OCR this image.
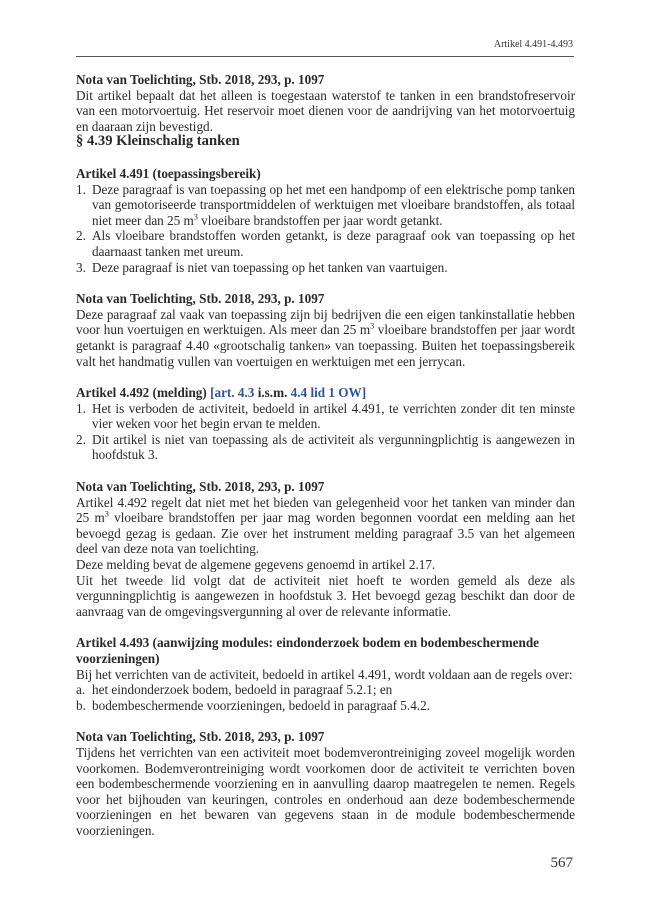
Artikel 4.491-4.493

Nota van Toelichting, Stb. 2018, 293, p. 1097

Dit artikel bepaalt dat het alleen is toegestaan waterstof te tanken in een brandstofreservoir van een motorvoertuig. Het reservoir moet dienen voor de aandrijving van het motorvoertuig en daaraan zijn bevestigd.

§ 4.39 Kleinschalig tanken

Artikel 4.491 (toepassingsbereik)

1. Deze paragraaf is van toepassing op het met een handpomp of een elektrische pomp tanken van gemotoriseerde transportmiddelen of werktuigen met vloeibare brandstoffen, als totaal niet meer dan 25 $m^3$ vloeibare brandstoffen per jaar wordt getankt.
2. Als vloeibare brandstoffen worden getankt, is deze paragraaf ook van toepassing op het daarnaast tanken met ureum.
3. Deze paragraaf is niet van toepassing op het tanken van vaartuigen.

Nota van Toelichting, Stb. 2018, 293, p. 1097

Deze paragraaf zal vaak van toepassing zijn bij bedrijven die een eigen tankinstallatie hebben voor hun voertuigen en werktuigen. Als meer dan 25 $m^3$ vloeibare brandstoffen per jaar wordt getankt is paragraaf 4.40 «grootschalig tanken» van toepassing. Buiten het toepassingsbereik valt het handmatig vullen van voertuigen en werktuigen met een jerrycan.

Artikel 4.492 (melding) [art. 4.3 i.s.m. 4.4 lid 1 OW]

1. Het is verboden de activiteit, bedoeld in artikel 4.491, te verrichten zonder dit ten minste vier weken voor het begin ervan te melden.
2. Dit artikel is niet van toepassing als de activiteit als vergunningplichtig is aangewezen in hoofdstuk 3.

Nota van Toelichting, Stb. 2018, 293, p. 1097

Artikel 4.492 regelt dat niet met het bieden van gelegenheid voor het tanken van minder dan 25 $m^3$ vloeibare brandstoffen per jaar mag worden begonnen voordat een melding aan het bevoegd gezag is gedaan. Zie over het instrument melding paragraaf 3.5 van het algemeen deel van deze nota van toelichting.

Deze melding bevat de algemene gegevens genoemd in artikel 2.17.

Uit het tweede lid volgt dat de activiteit niet hoeft te worden gemeld als deze als vergunningplichtig is aangewezen in hoofdstuk 3. Het bevoegd gezag beschikt dan door de aanvraag van de omgevingsvergunning al over de relevante informatie.

Artikel 4.493 (aanwijzing modules: eindonderzoek bodem en bodembeschermende voorzieningen)

Bij het verrichten van de activiteit, bedoeld in artikel 4.491, wordt voldaan aan de regels over:

a. het eindonderzoek bodem, bedoeld in paragraaf 5.2.1; en
b. bodembeschermende voorzieningen, bedoeld in paragraaf 5.4.2.

Nota van Toelichting, Stb. 2018, 293, p. 1097

Tijdens het verrichten van een activiteit moet bodemverontreiniging zoveel mogelijk worden voorkomen. Bodemverontreiniging wordt voorkomen door de activiteit te verrichten boven een bodembeschermende voorziening en in aanvulling daarop maatregelen te nemen. Regels voor het bijhouden van keuringen, controles en onderhoud aan deze bodembeschermende voorzieningen en het bewaren van gegevens staan in de module bodembeschermende voorzieningen.

567
